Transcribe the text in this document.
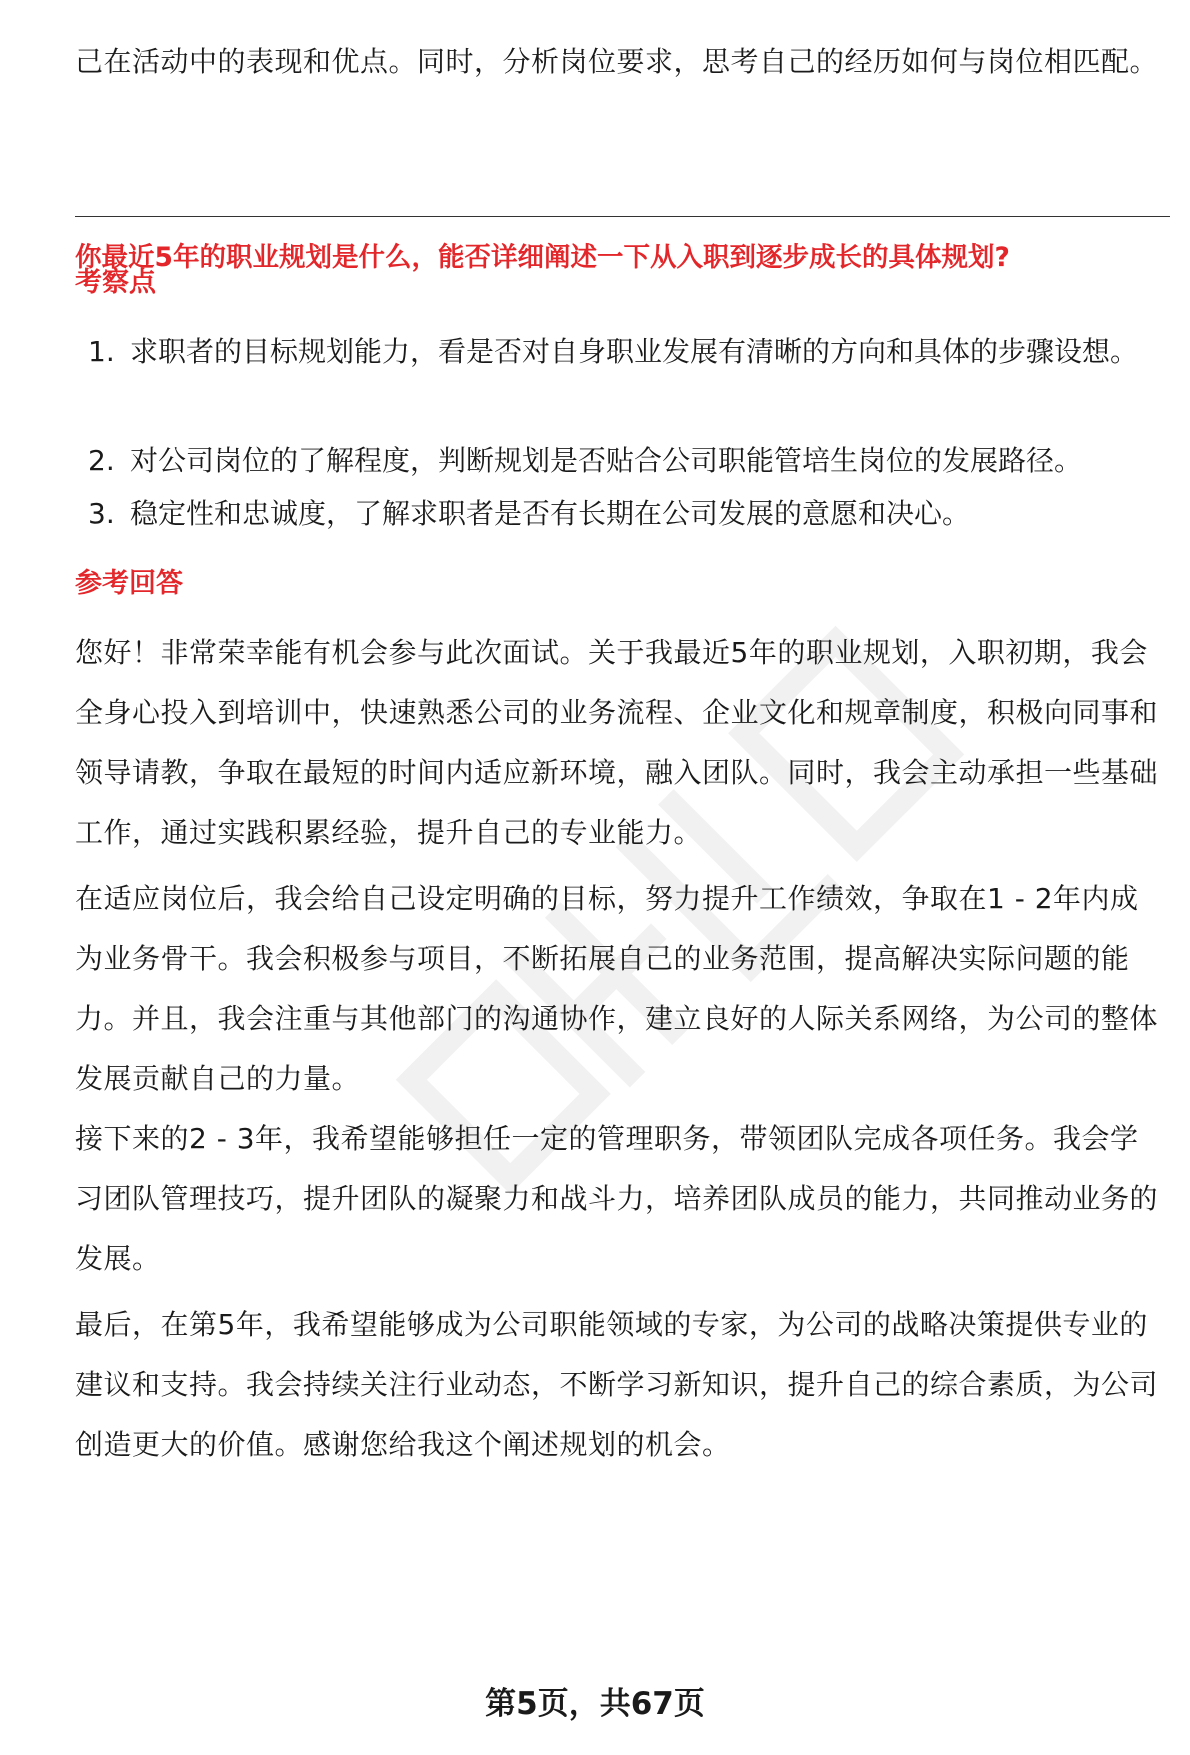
己在活动中的表现和优点。同时，分析岗位要求，思考自己的经历如何与岗位相匹配。

你最近5年的职业规划是什么，能否详细阐述一下从入职到逐步成长的具体规划?
考察点
1. 求职者的目标规划能力，看是否对自身职业发展有清晰的方向和具体的步骤设想。
2. 对公司岗位的了解程度，判断规划是否贴合公司职能管培生岗位的发展路径。
3. 稳定性和忠诚度，了解求职者是否有长期在公司发展的意愿和决心。
参考回答

您好！非常荣幸能有机会参与此次面试。关于我最近5年的职业规划，入职初期，我会全身心投入到培训中，快速熟悉公司的业务流程、企业文化和规章制度，积极向同事和领导请教，争取在最短的时间内适应新环境，融入团队。同时，我会主动承担一些基础工作，通过实践积累经验，提升自己的专业能力。

在适应岗位后，我会给自己设定明确的目标，努力提升工作绩效，争取在1 - 2年内成为业务骨干。我会积极参与项目，不断拓展自己的业务范围，提高解决实际问题的能力。并且，我会注重与其他部门的沟通协作，建立良好的人际关系网络，为公司的整体发展贡献自己的力量。

接下来的2 - 3年，我希望能够担任一定的管理职务，带领团队完成各项任务。我会学习团队管理技巧，提升团队的凝聚力和战斗力，培养团队成员的能力，共同推动业务的发展。

最后，在第5年，我希望能够成为公司职能领域的专家，为公司的战略决策提供专业的建议和支持。我会持续关注行业动态，不断学习新知识，提升自己的综合素质，为公司创造更大的价值。感谢您给我这个阐述规划的机会。

第5页，共67页
